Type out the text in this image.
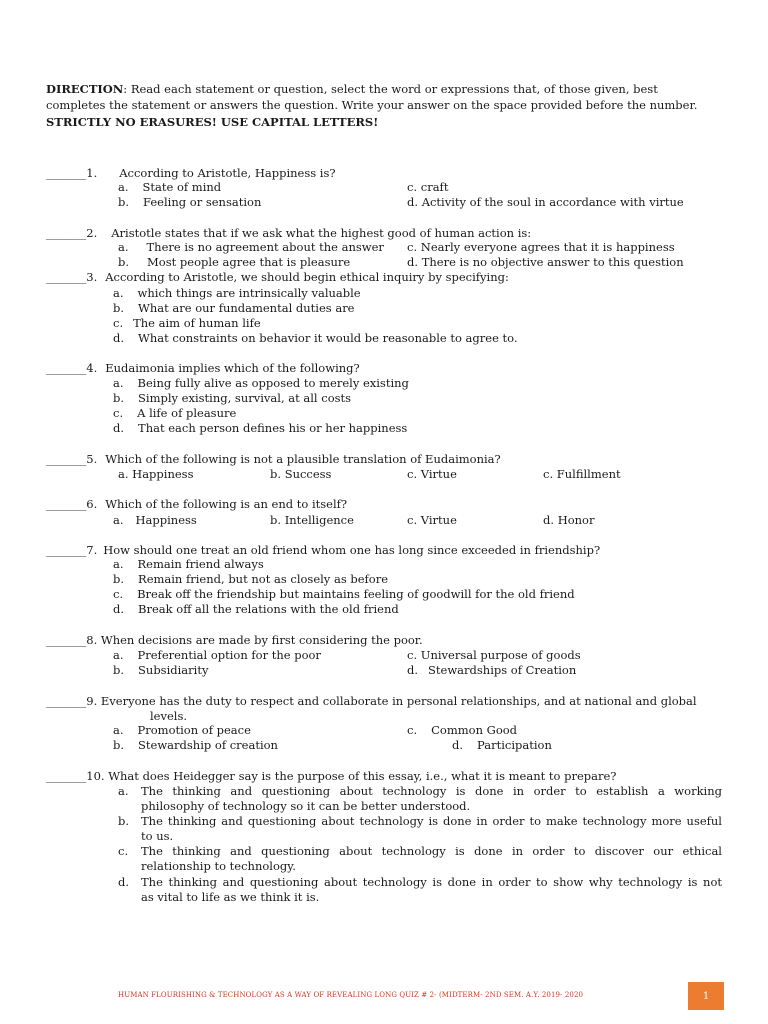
DIRECTION: Read each statement or question, select the word or expressions that, of those given, best
completes the statement or answers the question. Write your answer on the space provided before the number.
STRICTLY NO ERASURES! USE CAPITAL LETTERS!
_______1. According to Aristotle, Happiness is?
a. State of mind	c. craft
b. Feeling or sensation	d. Activity of the soul in accordance with virtue
_______2. Aristotle states that if we ask what the highest good of human action is:
a. There is no agreement about the answer c. Nearly everyone agrees that it is happiness
b. Most people agree that is pleasure	d. There is no objective answer to this question
_______3. According to Aristotle, we should begin ethical inquiry by specifying:
a. which things are intrinsically valuable
b. What are our fundamental duties are
c. The aim of human life
d. What constraints on behavior it would be reasonable to agree to.
_______4. Eudaimonia implies which of the following?
a. Being fully alive as opposed to merely existing
b. Simply existing, survival, at all costs
c. A life of pleasure
d. That each person defines his or her happiness
_______5. Which of the following is not a plausible translation of Eudaimonia?
a. Happiness	b. Success	c. Virtue	c. Fulfillment
_______6. Which of the following is an end to itself?
a. Happiness	b. Intelligence	c. Virtue	d. Honor
_______7. How should one treat an old friend whom one has long since exceeded in friendship?
a. Remain friend always
b. Remain friend, but not as closely as before
c. Break off the friendship but maintains feeling of goodwill for the old friend
d. Break off all the relations with the old friend
_______8. When decisions are made by first considering the poor.
a. Preferential option for the poor	c. Universal purpose of goods
b. Subsidiarity	d. Stewardships of Creation
_______9. Everyone has the duty to respect and collaborate in personal relationships, and at national and global
levels.
a. Promotion of peace	c. Common Good
b. Stewardship of creation	d. Participation
_______10. What does Heidegger say is the purpose of this essay, i.e., what it is meant to prepare?
a. The thinking and questioning about technology is done in order to establish a working
philosophy of technology so it can be better understood.
b. The thinking and questioning about technology is done in order to make technology more useful
to us.
c. The thinking and questioning about technology is done in order to discover our ethical
relationship to technology.
d. The thinking and questioning about technology is done in order to show why technology is not
as vital to life as we think it is.
HUMAN FLOURISHING & TECHNOLOGY AS A WAY OF REVEALING LONG QUIZ # 2- (MIDTERM- 2ND SEM. A.Y. 2019- 2020	1
